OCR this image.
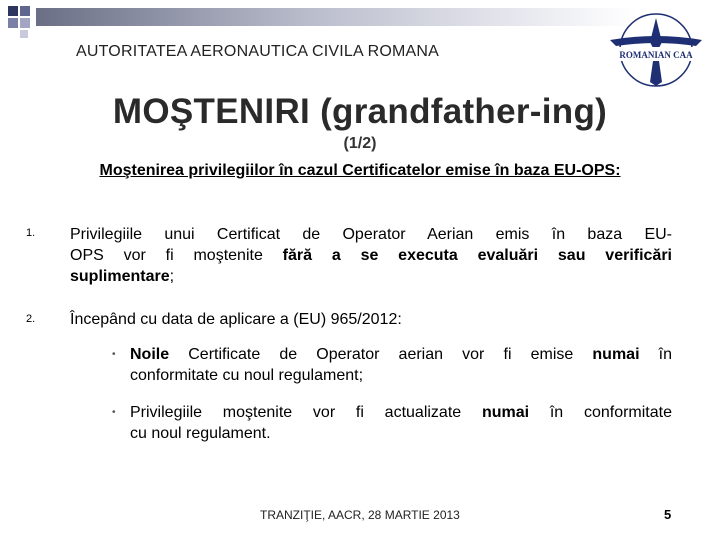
AUTORITATEA AERONAUTICA CIVILA ROMANA	ROMANIAN CAA
MOŞTENIRI (grandfather-ing)
(1/2)
Moştenirea privilegiilor în cazul Certificatelor emise în baza EU-OPS:
1. Privilegiile unui Certificat de Operator Aerian emis în baza EU-
OPS vor fi moştenite fără a se executa evaluări sau verificări
suplimentare;
2. Începând cu data de aplicare a (EU) 965/2012:
• Noile Certificate de Operator aerian vor fi emise numai în
conformitate cu noul regulament;
• Privilegiile moştenite vor fi actualizate numai în conformitate
cu noul regulament.
TRANZIŢIE, AACR, 28 MARTIE 2013	5
